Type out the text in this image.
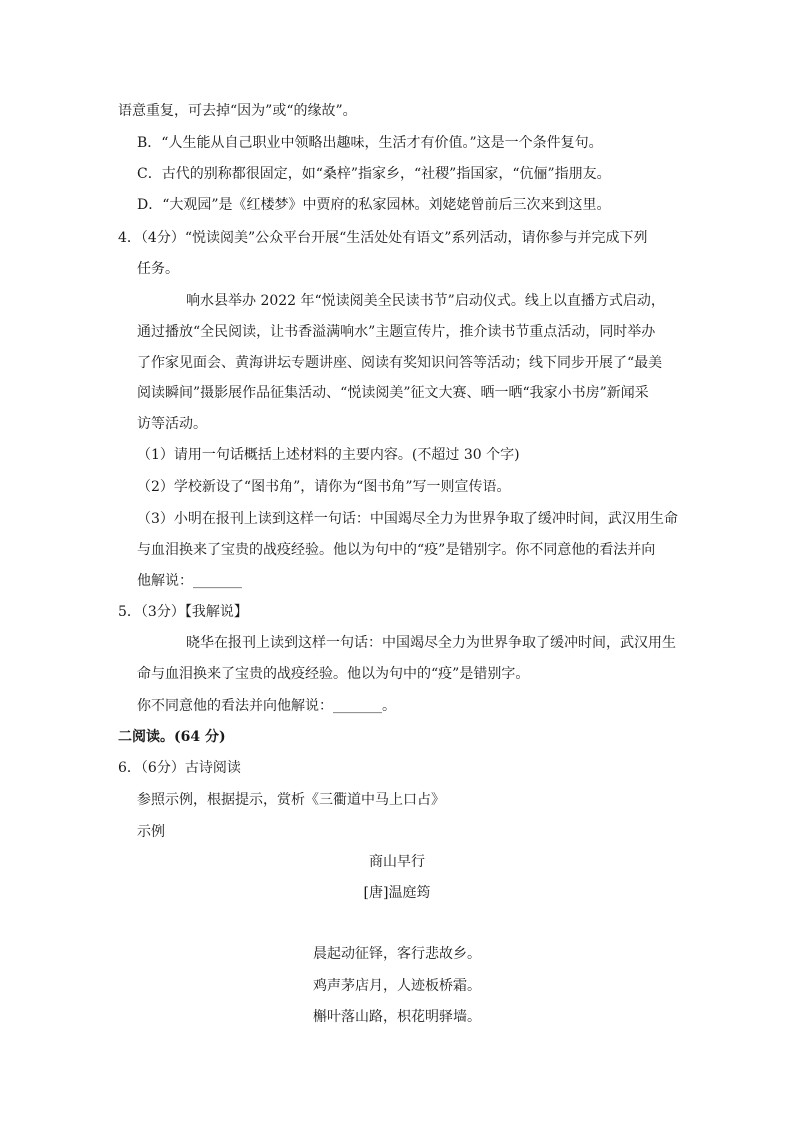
语意重复，可去掉“因为”或“的缘故”。
B．“人生能从自己职业中领略出趣味，生活才有价值。”这是一个条件复句。
C．古代的别称都很固定，如“桑梓”指家乡，“社稷”指国家，“伉俪”指朋友。
D．“大观园”是《红楼梦》中贾府的私家园林。刘姥姥曾前后三次来到这里。
4．（4分）“悦读阅美”公众平台开展“生活处处有语文”系列活动，请你参与并完成下列
任务。
响水县举办 2022 年“悦读阅美全民读书节”启动仪式。线上以直播方式启动，
通过播放“全民阅读，让书香溢满响水”主题宣传片，推介读书节重点活动，同时举办
了作家见面会、黄海讲坛专题讲座、阅读有奖知识问答等活动；线下同步开展了“最美
阅读瞬间”摄影展作品征集活动、“悦读阅美”征文大赛、晒一晒“我家小书房”新闻采
访等活动。
（1）请用一句话概括上述材料的主要内容。(不超过 30 个字)
（2）学校新设了“图书角”，请你为“图书角”写一则宣传语。
（3）小明在报刊上读到这样一句话：中国竭尽全力为世界争取了缓冲时间，武汉用生命
与血泪换来了宝贵的战疫经验。他以为句中的“疫”是错别字。你不同意他的看法并向
他解说：_______
5．（3分）【我解说】
晓华在报刊上读到这样一句话：中国竭尽全力为世界争取了缓冲时间，武汉用生
命与血泪换来了宝贵的战疫经验。他以为句中的“疫”是错别字。
你不同意他的看法并向他解说：_______。
二阅读。(64 分)
6．（6分）古诗阅读
参照示例，根据提示，赏析《三衢道中马上口占》
示例
商山早行
[唐]温庭筠
晨起动征铎，客行悲故乡。
鸡声茅店月，人迹板桥霜。
槲叶落山路，枳花明驿墙。
